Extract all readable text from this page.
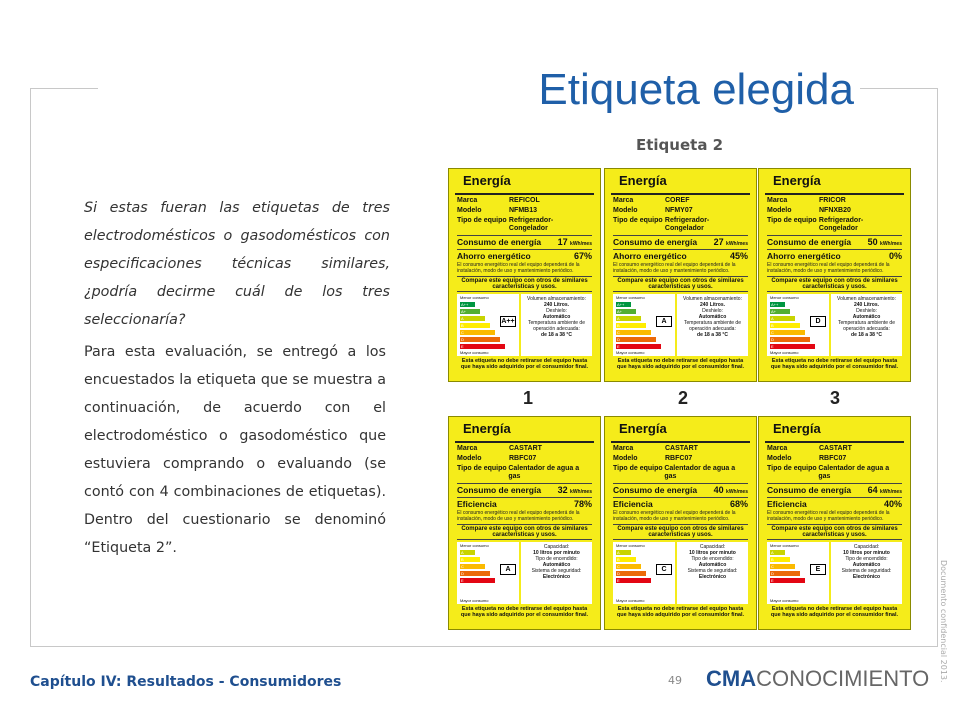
Etiqueta elegida
Etiqueta 2
Si estas fueran las etiquetas de tres electrodomésticos o gasodomésticos con especificaciones técnicas similares, ¿podría decirme cuál de los tres seleccionaría?
Para esta evaluación, se entregó a los encuestados la etiqueta que se muestra a continuación, de acuerdo con el electrodoméstico o gasodoméstico que estuviera comprando o evaluando (se contó con 4 combinaciones de etiquetas). Dentro del cuestionario se denominó “Etiqueta 2”.
1	2	3
Energía
Marca	REFICOL
Modelo	NFMB13
Tipo de equipo Refrigerador-Congelador
Consumo de energía 17 kWh/mes
Ahorro energético	67%
El consumo energético real del equipo dependerá de la instalación, modo de uso y mantenimiento periódico.
Compare este equipo con otros de similares características y usos.
Menor consumo
A++
A+
A
B
C
D
E
A++
Mayor consumo
Volumen almacenamiento:
240 Litros.
Deshielo:
Automático
Temperatura ambiente de operación adecuada:
de 18 a 38 °C
Esta etiqueta no debe retirarse del equipo hasta que haya sido adquirido por el consumidor final.
Energía
Marca	COREF
Modelo	NFMY07
Tipo de equipo Refrigerador-Congelador
Consumo de energía 27 kWh/mes
Ahorro energético	45%
El consumo energético real del equipo dependerá de la instalación, modo de uso y mantenimiento periódico.
Compare este equipo con otros de similares características y usos.
Menor consumo
A++
A+
A
B
C
D
E
A
Mayor consumo
Volumen almacenamiento:
240 Litros.
Deshielo:
Automático
Temperatura ambiente de operación adecuada:
de 18 a 38 °C
Esta etiqueta no debe retirarse del equipo hasta que haya sido adquirido por el consumidor final.
Energía
Marca	FRICOR
Modelo	NFNXB20
Tipo de equipo Refrigerador-Congelador
Consumo de energía 50 kWh/mes
Ahorro energético	0%
El consumo energético real del equipo dependerá de la instalación, modo de uso y mantenimiento periódico.
Compare este equipo con otros de similares características y usos.
Menor consumo
A++
A+
A
B
C
D
E
D
Mayor consumo
Volumen almacenamiento:
240 Litros.
Deshielo:
Automático
Temperatura ambiente de operación adecuada:
de 18 a 38 °C
Esta etiqueta no debe retirarse del equipo hasta que haya sido adquirido por el consumidor final.
Energía
Marca	CASTART
Modelo	RBFC07
Tipo de equipo Calentador de agua a gas
Consumo de energía 32 kWh/mes
Eficiencia	78%
El consumo energético real del equipo dependerá de la instalación, modo de uso y mantenimiento periódico.
Compare este equipo con otros de similares características y usos.
Menor consumo
A
B
C
D
E
A
Mayor consumo
Capacidad:
10 litros por minuto
Tipo de encendido:
Automático
Sistema de seguridad:
Electrónico
Esta etiqueta no debe retirarse del equipo hasta que haya sido adquirido por el consumidor final.
Energía
Marca	CASTART
Modelo	RBFC07
Tipo de equipo Calentador de agua a gas
Consumo de energía 40 kWh/mes
Eficiencia	68%
El consumo energético real del equipo dependerá de la instalación, modo de uso y mantenimiento periódico.
Compare este equipo con otros de similares características y usos.
Menor consumo
A
B
C
D
E
C
Mayor consumo
Capacidad:
10 litros por minuto
Tipo de encendido:
Automático
Sistema de seguridad:
Electrónico
Esta etiqueta no debe retirarse del equipo hasta que haya sido adquirido por el consumidor final.
Energía
Marca	CASTART
Modelo	RBFC07
Tipo de equipo Calentador de agua a gas
Consumo de energía 64 kWh/mes
Eficiencia	40%
El consumo energético real del equipo dependerá de la instalación, modo de uso y mantenimiento periódico.
Compare este equipo con otros de similares características y usos.
Menor consumo
A
B
C
D
E
E
Mayor consumo
Capacidad:
10 litros por minuto
Tipo de encendido:
Automático
Sistema de seguridad:
Electrónico
Esta etiqueta no debe retirarse del equipo hasta que haya sido adquirido por el consumidor final.
Capítulo IV: Resultados - Consumidores	49 CMACONOCIMIENTO Documento confidencial 2013.
